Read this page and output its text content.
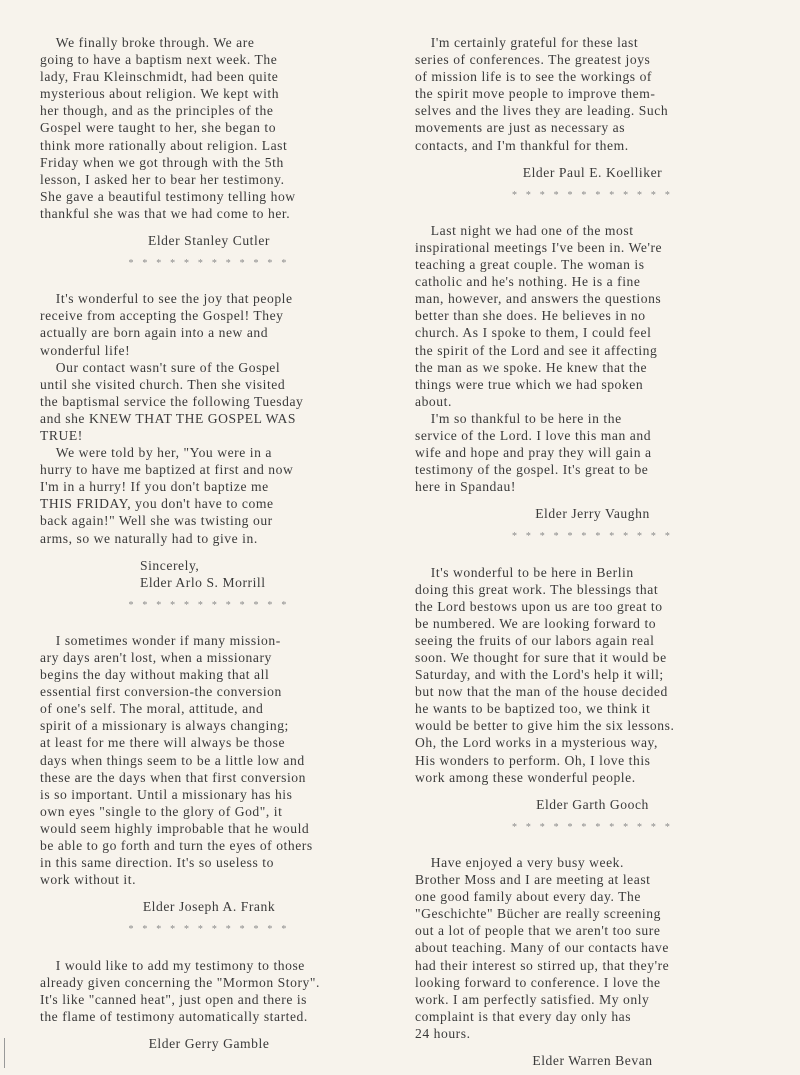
We finally broke through. We are
going to have a baptism next week. The
lady, Frau Kleinschmidt, had been quite
mysterious about religion. We kept with
her though, and as the principles of the
Gospel were taught to her, she began to
think more rationally about religion. Last
Friday when we got through with the 5th
lesson, I asked her to bear her testimony.
She gave a beautiful testimony telling how
thankful she was that we had come to her.
Elder Stanley Cutler
* * * * * * * * * * * *
It's wonderful to see the joy that people
receive from accepting the Gospel! They
actually are born again into a new and
wonderful life!
Our contact wasn't sure of the Gospel
until she visited church. Then she visited
the baptismal service the following Tuesday
and she KNEW THAT THE GOSPEL WAS
TRUE!
We were told by her, "You were in a
hurry to have me baptized at first and now
I'm in a hurry! If you don't baptize me
THIS FRIDAY, you don't have to come
back again!" Well she was twisting our
arms, so we naturally had to give in.
Sincerely,
Elder Arlo S. Morrill
* * * * * * * * * * * *
I sometimes wonder if many mission-
ary days aren't lost, when a missionary
begins the day without making that all
essential first conversion-the conversion
of one's self. The moral, attitude, and
spirit of a missionary is always changing;
at least for me there will always be those
days when things seem to be a little low and
these are the days when that first conversion
is so important. Until a missionary has his
own eyes "single to the glory of God", it
would seem highly improbable that he would
be able to go forth and turn the eyes of others
in this same direction. It's so useless to
work without it.
Elder Joseph A. Frank
* * * * * * * * * * * *
I would like to add my testimony to those
already given concerning the "Mormon Story".
It's like "canned heat", just open and there is
the flame of testimony automatically started.
Elder Gerry Gamble
I'm certainly grateful for these last
series of conferences. The greatest joys
of mission life is to see the workings of
the spirit move people to improve them-
selves and the lives they are leading. Such
movements are just as necessary as
contacts, and I'm thankful for them.
Elder Paul E. Koelliker
* * * * * * * * * * * *
Last night we had one of the most
inspirational meetings I've been in. We're
teaching a great couple. The woman is
catholic and he's nothing. He is a fine
man, however, and answers the questions
better than she does. He believes in no
church. As I spoke to them, I could feel
the spirit of the Lord and see it affecting
the man as we spoke. He knew that the
things were true which we had spoken
about.
I'm so thankful to be here in the
service of the Lord. I love this man and
wife and hope and pray they will gain a
testimony of the gospel. It's great to be
here in Spandau!
Elder Jerry Vaughn
* * * * * * * * * * * *
It's wonderful to be here in Berlin
doing this great work. The blessings that
the Lord bestows upon us are too great to
be numbered. We are looking forward to
seeing the fruits of our labors again real
soon. We thought for sure that it would be
Saturday, and with the Lord's help it will;
but now that the man of the house decided
he wants to be baptized too, we think it
would be better to give him the six lessons.
Oh, the Lord works in a mysterious way,
His wonders to perform. Oh, I love this
work among these wonderful people.
Elder Garth Gooch
* * * * * * * * * * * *
Have enjoyed a very busy week.
Brother Moss and I are meeting at least
one good family about every day. The
"Geschichte" Bücher are really screening
out a lot of people that we aren't too sure
about teaching. Many of our contacts have
had their interest so stirred up, that they're
looking forward to conference. I love the
work. I am perfectly satisfied. My only
complaint is that every day only has
24 hours.
Elder Warren Bevan
